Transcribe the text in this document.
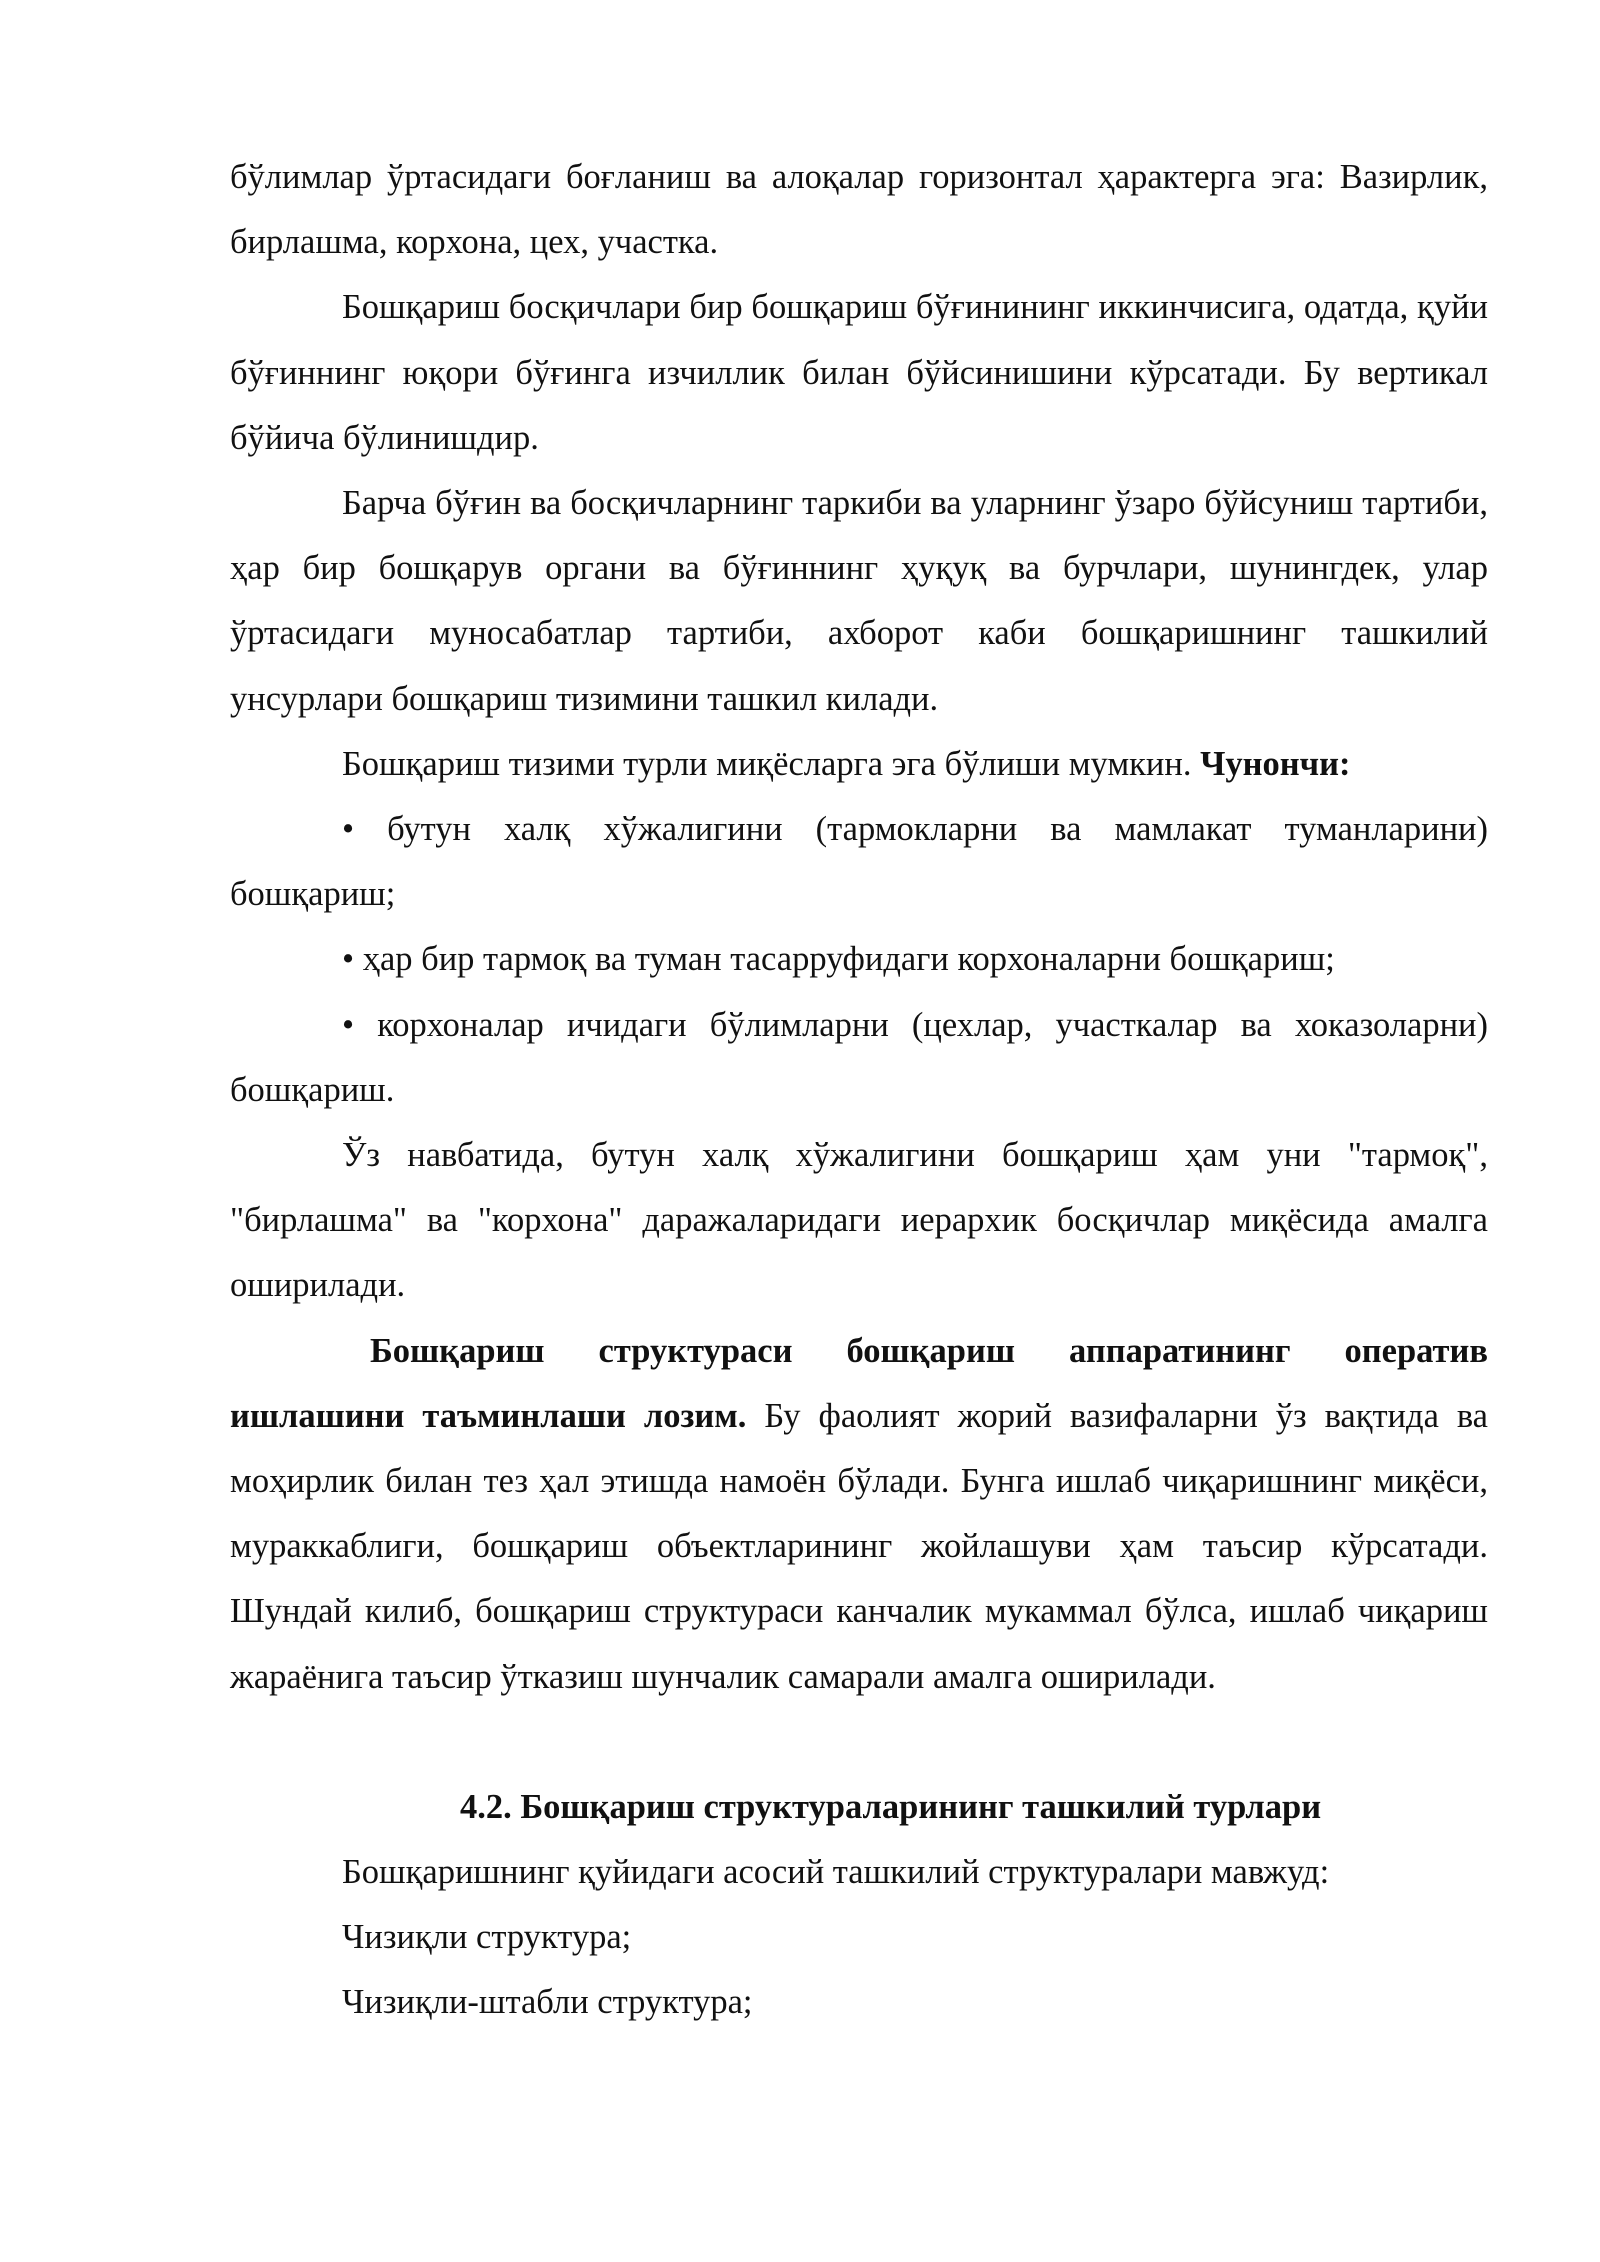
бўлимлар ўртасидаги боғланиш ва алоқалар горизонтал ҳарактерга эга: Вазирлик, бирлашма, корхона, цех, участка.

Бошқариш босқичлари бир бошқариш бўғинининг иккинчисига, одатда, қуйи бўғиннинг юқори бўғинга изчиллик билан бўйсинишини кўрсатади. Бу вертикал бўйича бўлинишдир.

Барча бўғин ва босқичларнинг таркиби ва уларнинг ўзаро бўйсуниш тартиби, ҳар бир бошқарув органи ва бўғиннинг ҳуқуқ ва бурчлари, шунингдек, улар ўртасидаги муносабатлар тартиби, ахборот каби бошқаришнинг ташкилий унсурлари бошқариш тизимини ташкил килади.

Бошқариш тизими турли миқёсларга эга бўлиши мумкин. Чунончи:

• бутун халқ хўжалигини (тармокларни ва мамлакат туманларини) бошқариш;

• ҳар бир тармоқ ва туман тасарруфидаги корхоналарни бошқариш;

• корхоналар ичидаги бўлимларни (цехлар, участкалар ва хоказоларни) бошқариш.

Ўз навбатида, бутун халқ хўжалигини бошқариш ҳам уни "тармоқ", "бирлашма" ва "корхона" даражаларидаги иерархик босқичлар миқёсида амалга оширилади.

Бошқариш структураси бошқариш аппаратининг оператив ишлашини таъминлаши лозим. Бу фаолият жорий вазифаларни ўз вақтида ва моҳирлик билан тез ҳал этишда намоён бўлади. Бунга ишлаб чиқаришнинг миқёси, мураккаблиги, бошқариш объектларининг жойлашуви ҳам таъсир кўрсатади. Шундай килиб, бошқариш структураси канчалик мукаммал бўлса, ишлаб чиқариш жараёнига таъсир ўтказиш шунчалик самарали амалга оширилади.

4.2. Бошқариш структураларининг ташкилий турлари

Бошқаришнинг қуйидаги асосий ташкилий структуралари мавжуд:

Чизиқли структура;

Чизиқли-штабли структура;
